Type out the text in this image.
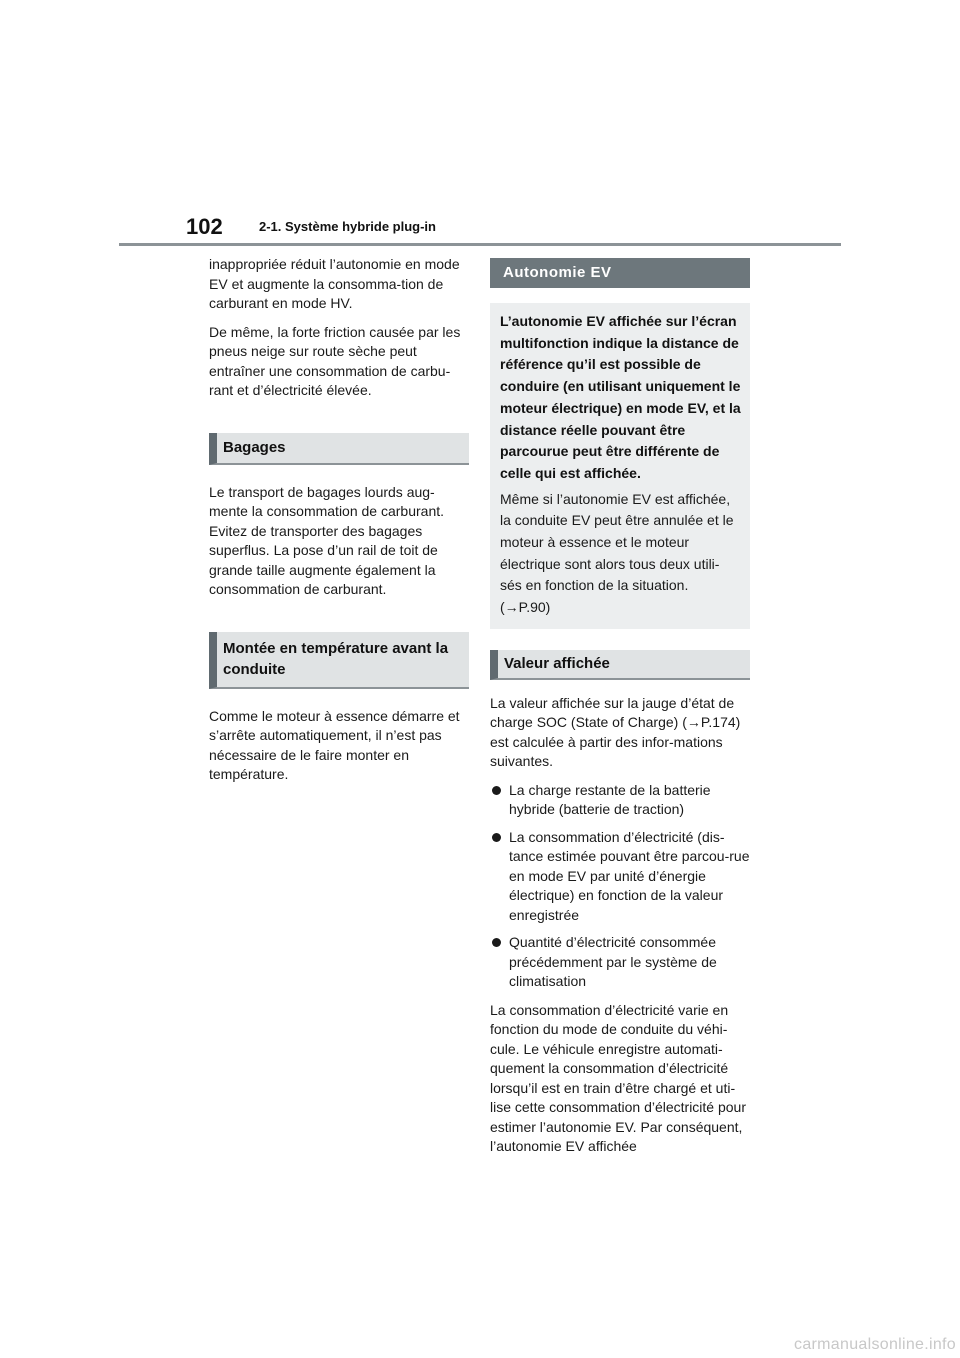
102	2-1. Système hybride plug-in

inappropriée réduit l’autonomie en mode EV et augmente la consomma-tion de carburant en mode HV.

De même, la forte friction causée par les pneus neige sur route sèche peut entraîner une consommation de carbu-rant et d’électricité élevée.

Bagages

Le transport de bagages lourds aug-mente la consommation de carburant. Evitez de transporter des bagages superflus. La pose d’un rail de toit de grande taille augmente également la consommation de carburant.

Montée en température avant la conduite

Comme le moteur à essence démarre et s’arrête automatiquement, il n’est pas nécessaire de le faire monter en température.

Autonomie EV

L’autonomie EV affichée sur l’écran multifonction indique la distance de référence qu’il est possible de conduire (en utilisant uniquement le moteur électrique) en mode EV, et la distance réelle pouvant être parcourue peut être différente de celle qui est affichée.

Même si l’autonomie EV est affichée, la conduite EV peut être annulée et le moteur à essence et le moteur électrique sont alors tous deux utili-sés en fonction de la situation. (→P.90)

Valeur affichée

La valeur affichée sur la jauge d’état de charge SOC (State of Charge) (→P.174) est calculée à partir des infor-mations suivantes.

La charge restante de la batterie hybride (batterie de traction)
La consommation d’électricité (dis-tance estimée pouvant être parcou-rue en mode EV par unité d’énergie électrique) en fonction de la valeur enregistrée
Quantité d’électricité consommée précédemment par le système de climatisation

La consommation d’électricité varie en fonction du mode de conduite du véhi-cule. Le véhicule enregistre automati-quement la consommation d’électricité lorsqu’il est en train d’être chargé et uti-lise cette consommation d’électricité pour estimer l’autonomie EV. Par conséquent, l’autonomie EV affichée

carmanualsonline.info
